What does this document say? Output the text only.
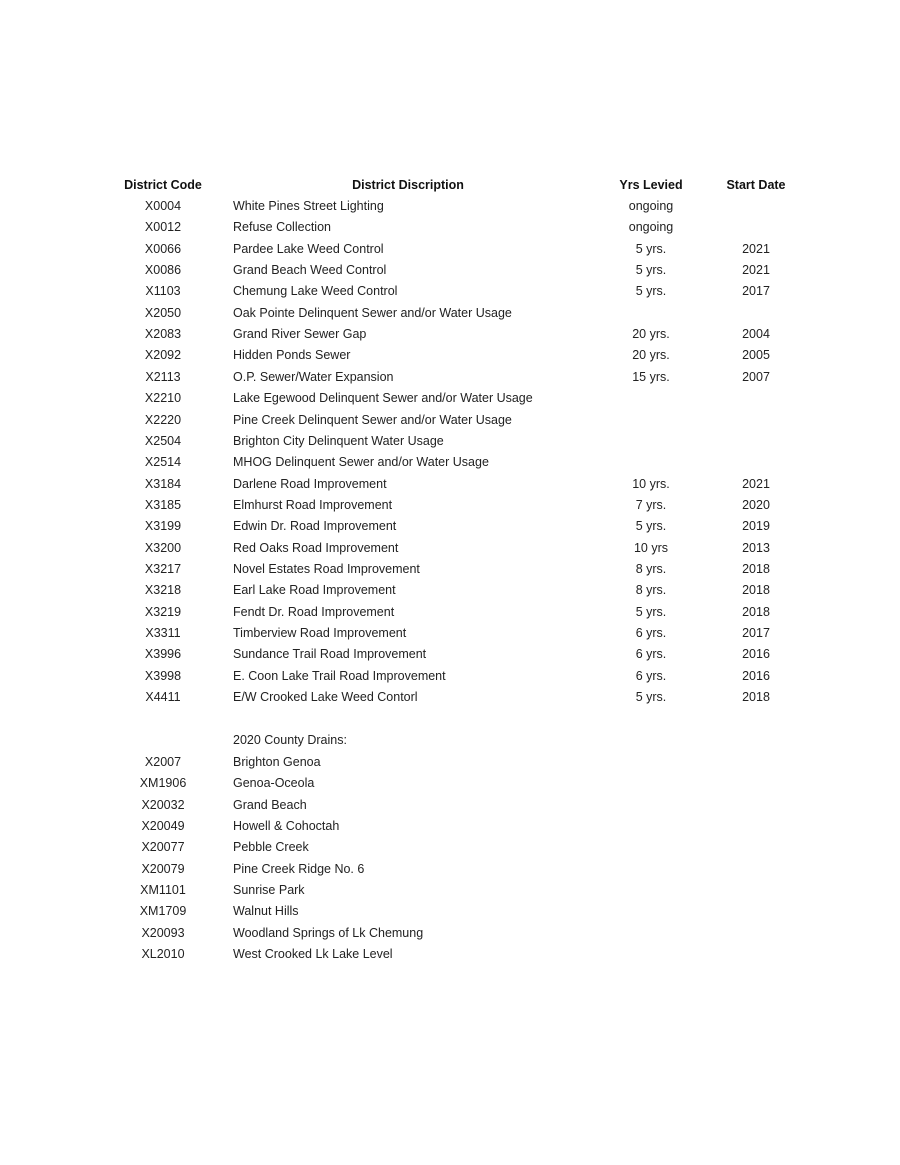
District Code	District Discription	Yrs Levied	Start Date
X0004	White Pines Street Lighting	ongoing
X0012	Refuse Collection	ongoing
X0066	Pardee Lake Weed Control	5 yrs.	2021
X0086	Grand Beach Weed Control	5 yrs.	2021
X1103	Chemung Lake Weed Control	5 yrs.	2017
X2050	Oak Pointe Delinquent Sewer and/or Water Usage
X2083	Grand River Sewer Gap	20 yrs.	2004
X2092	Hidden Ponds Sewer	20 yrs.	2005
X2113	O.P. Sewer/Water Expansion	15 yrs.	2007
X2210	Lake Egewood Delinquent Sewer and/or Water Usage
X2220	Pine Creek Delinquent Sewer and/or Water Usage
X2504	Brighton City Delinquent Water Usage
X2514	MHOG Delinquent Sewer and/or Water Usage
X3184	Darlene Road Improvement	10 yrs.	2021
X3185	Elmhurst Road Improvement	7 yrs.	2020
X3199	Edwin Dr. Road Improvement	5 yrs.	2019
X3200	Red Oaks Road Improvement	10 yrs	2013
X3217	Novel Estates Road Improvement	8 yrs.	2018
X3218	Earl Lake Road Improvement	8 yrs.	2018
X3219	Fendt Dr. Road Improvement	5 yrs.	2018
X3311	Timberview Road Improvement	6 yrs.	2017
X3996	Sundance Trail Road Improvement	6 yrs.	2016
X3998	E. Coon Lake Trail Road Improvement	6 yrs.	2016
X4411	E/W Crooked Lake Weed Contorl	5 yrs.	2018
2020 County Drains:
X2007	Brighton Genoa
XM1906	Genoa-Oceola
X20032	Grand Beach
X20049	Howell & Cohoctah
X20077	Pebble Creek
X20079	Pine Creek Ridge No. 6
XM1101	Sunrise Park
XM1709	Walnut Hills
X20093	Woodland Springs of Lk Chemung
XL2010	West Crooked Lk Lake Level
